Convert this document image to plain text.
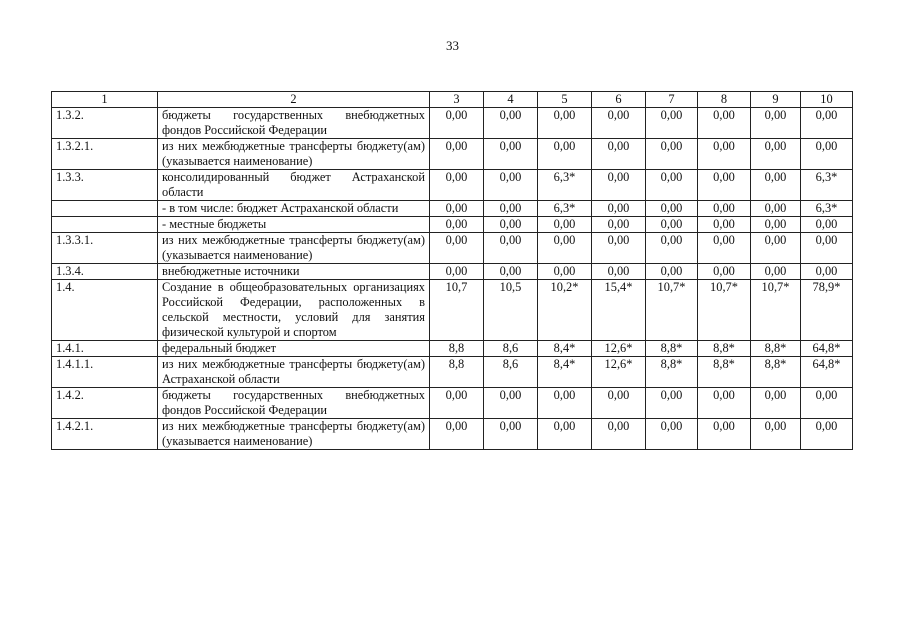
33
1	2	3	4	5	6	7	8	9	10
1.3.2.	бюджеты государственных внебюджетных фондов Российской Федерации	0,00	0,00	0,00	0,00	0,00	0,00	0,00	0,00
1.3.2.1.	из них межбюджетные трансферты бюджету(ам) (указывается наименование)	0,00	0,00	0,00	0,00	0,00	0,00	0,00	0,00
1.3.3.	консолидированный бюджет Астраханской области	0,00	0,00	6,3*	0,00	0,00	0,00	0,00	6,3*
	- в том числе: бюджет Астраханской области	0,00	0,00	6,3*	0,00	0,00	0,00	0,00	6,3*
	- местные бюджеты	0,00	0,00	0,00	0,00	0,00	0,00	0,00	0,00
1.3.3.1.	из них межбюджетные трансферты бюджету(ам) (указывается наименование)	0,00	0,00	0,00	0,00	0,00	0,00	0,00	0,00
1.3.4.	внебюджетные источники	0,00	0,00	0,00	0,00	0,00	0,00	0,00	0,00
1.4.	Создание в общеобразовательных организациях Российской Федерации, расположенных в сельской местности, условий для занятия физической культурой и спортом	10,7	10,5	10,2*	15,4*	10,7*	10,7*	10,7*	78,9*
1.4.1.	федеральный бюджет	8,8	8,6	8,4*	12,6*	8,8*	8,8*	8,8*	64,8*
1.4.1.1.	из них межбюджетные трансферты бюджету(ам) Астраханской области	8,8	8,6	8,4*	12,6*	8,8*	8,8*	8,8*	64,8*
1.4.2.	бюджеты государственных внебюджетных фондов Российской Федерации	0,00	0,00	0,00	0,00	0,00	0,00	0,00	0,00
1.4.2.1.	из них межбюджетные трансферты бюджету(ам) (указывается наименование)	0,00	0,00	0,00	0,00	0,00	0,00	0,00	0,00
